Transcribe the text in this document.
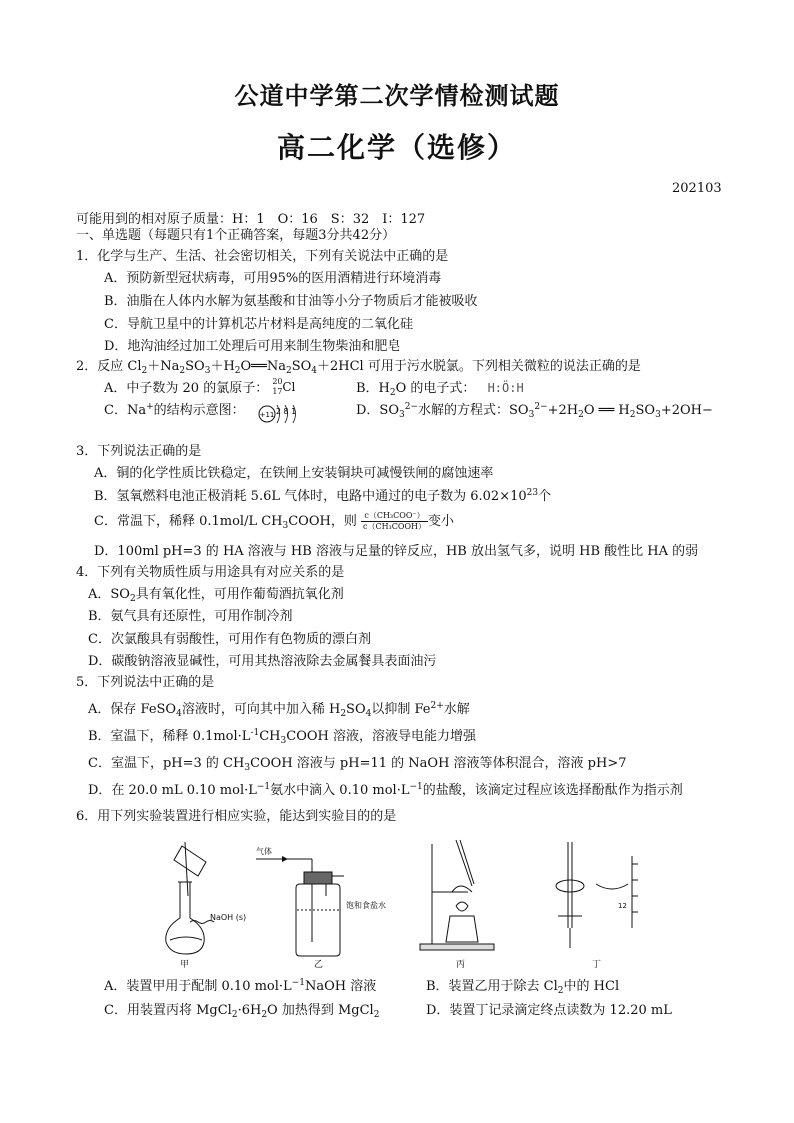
公道中学第二次学情检测试题
高二化学（选修）
202103
可能用到的相对原子质量：H：1　O：16　S：32　I：127
一、单选题（每题只有1个正确答案，每题3分共42分）
1．化学与生产、生活、社会密切相关，下列有关说法中正确的是
A．预防新型冠状病毒，可用95%的医用酒精进行环境消毒
B．油脂在人体内水解为氨基酸和甘油等小分子物质后才能被吸收
C．导航卫星中的计算机芯片材料是高纯度的二氧化硅
D．地沟油经过加工处理后可用来制生物柴油和肥皂
2．反应 $Cl_2+Na_2SO_3+H_2O══Na_2SO_4+2HCl$ 可用于污水脱氯。下列相关微粒的说法正确的是
A．中子数为 20 的氯原子： 20
17 Cl	B．$H_2O$ 的电子式： H:Ö:H
C．Na+的结构示意图： +11 2 8 1	D．$SO_3^{2-}$水解的方程式：$SO_3^{2-}+2H_2O$ ══ $H_2SO_3+2OH-$
3．下列说法正确的是
A．铜的化学性质比铁稳定，在铁闸上安装铜块可减慢铁闸的腐蚀速率
B．氢氧燃料电池正极消耗 5.6L 气体时，电路中通过的电子数为 $6.02\times 10^{23}$个
C．常温下，稀释 0.1mol/L $CH_3COOH$，则 $\frac{\text{c（CH₃COO⁻）}}{\text{c（CH₃COOH）}}$ 变小
D．100ml pH=3 的 HA 溶液与 HB 溶液与足量的锌反应，HB 放出氢气多，说明 HB 酸性比 HA 的弱
4．下列有关物质性质与用途具有对应关系的是
A．$SO_2$具有氧化性，可用作葡萄酒抗氧化剂
B．氨气具有还原性，可用作制冷剂
C．次氯酸具有弱酸性，可用作有色物质的漂白剂
D．碳酸钠溶液显碱性，可用其热溶液除去金属餐具表面油污
5．下列说法中正确的是
A．保存 FeSO$_4$溶液时，可向其中加入稀 $H_2SO_4$以抑制 $Fe^{2+}$水解
B．室温下，稀释 $0.1mol\cdot L^{-1}CH_3COOH$ 溶液，溶液导电能力增强
C．室温下，pH=3 的 $CH_3COOH$ 溶液与 pH=11 的 NaOH 溶液等体积混合，溶液 pH>7
D．在 20.0 mL 0.10 $mol\cdot L^{-1}$氨水中滴入 0.10 $mol\cdot L^{-1}$的盐酸，该滴定过程应该选择酚酞作为指示剂
6．用下列实验装置进行相应实验，能达到实验目的的是
NaOH (s)
甲
气体
饱和食盐水
乙	丙
12
丁
A．装置甲用于配制 0.10 $mol\cdot L^{-1}NaOH$ 溶液	B．装置乙用于除去 $Cl_2$中的 HCl
C．用装置丙将 $MgCl_2\cdot 6H_2O$ 加热得到 MgCl$_2$	D．装置丁记录滴定终点读数为 12.20 mL
